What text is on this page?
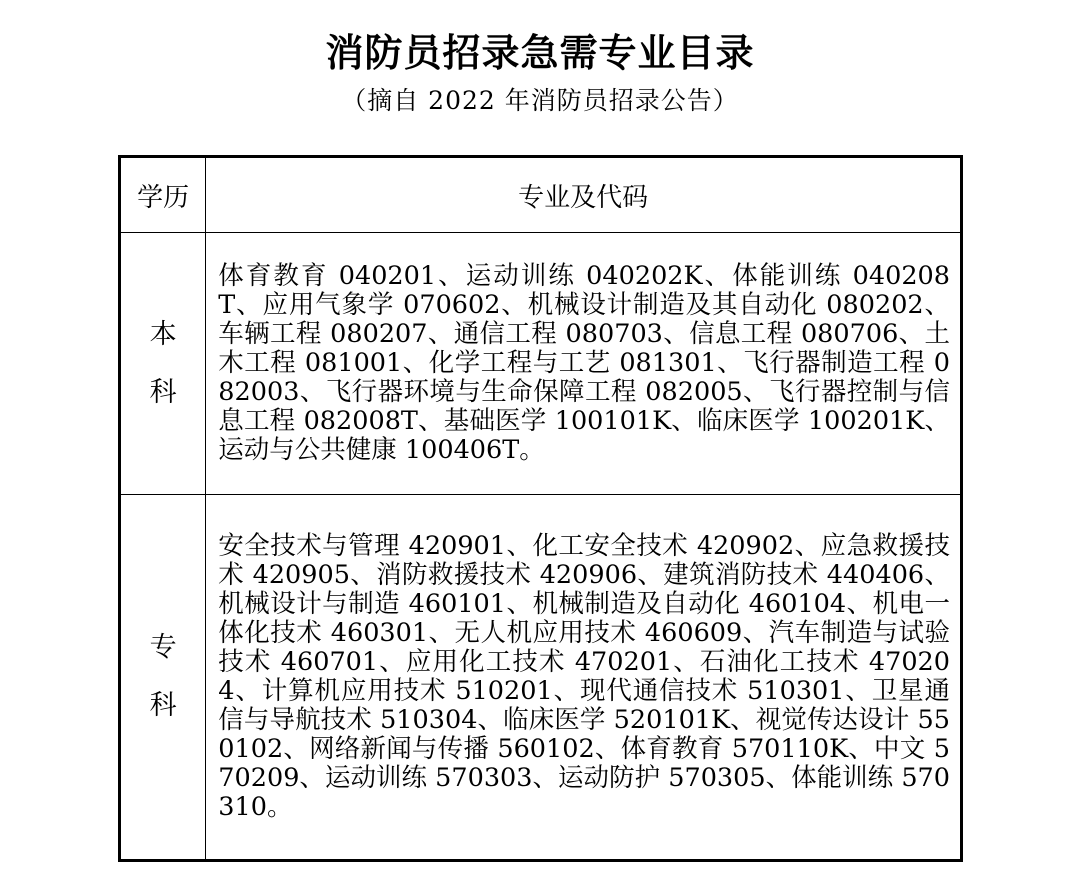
消防员招录急需专业目录
（摘自 2022 年消防员招录公告）
学历	专业及代码

本
科	体育教育 040201、运动训练 040202K、体能训练 040208T、应用气象学 070602、机械设计制造及其自动化 080202、车辆工程 080207、通信工程 080703、信息工程 080706、土木工程 081001、化学工程与工艺 081301、飞行器制造工程 082003、飞行器环境与生命保障工程 082005、飞行器控制与信息工程 082008T、基础医学 100101K、临床医学 100201K、运动与公共健康 100406T。

专
科	安全技术与管理 420901、化工安全技术 420902、应急救援技术 420905、消防救援技术 420906、建筑消防技术 440406、机械设计与制造 460101、机械制造及自动化 460104、机电一体化技术 460301、无人机应用技术 460609、汽车制造与试验技术 460701、应用化工技术 470201、石油化工技术 470204、计算机应用技术 510201、现代通信技术 510301、卫星通信与导航技术 510304、临床医学 520101K、视觉传达设计 550102、网络新闻与传播 560102、体育教育 570110K、中文 570209、运动训练 570303、运动防护 570305、体能训练 570310。
